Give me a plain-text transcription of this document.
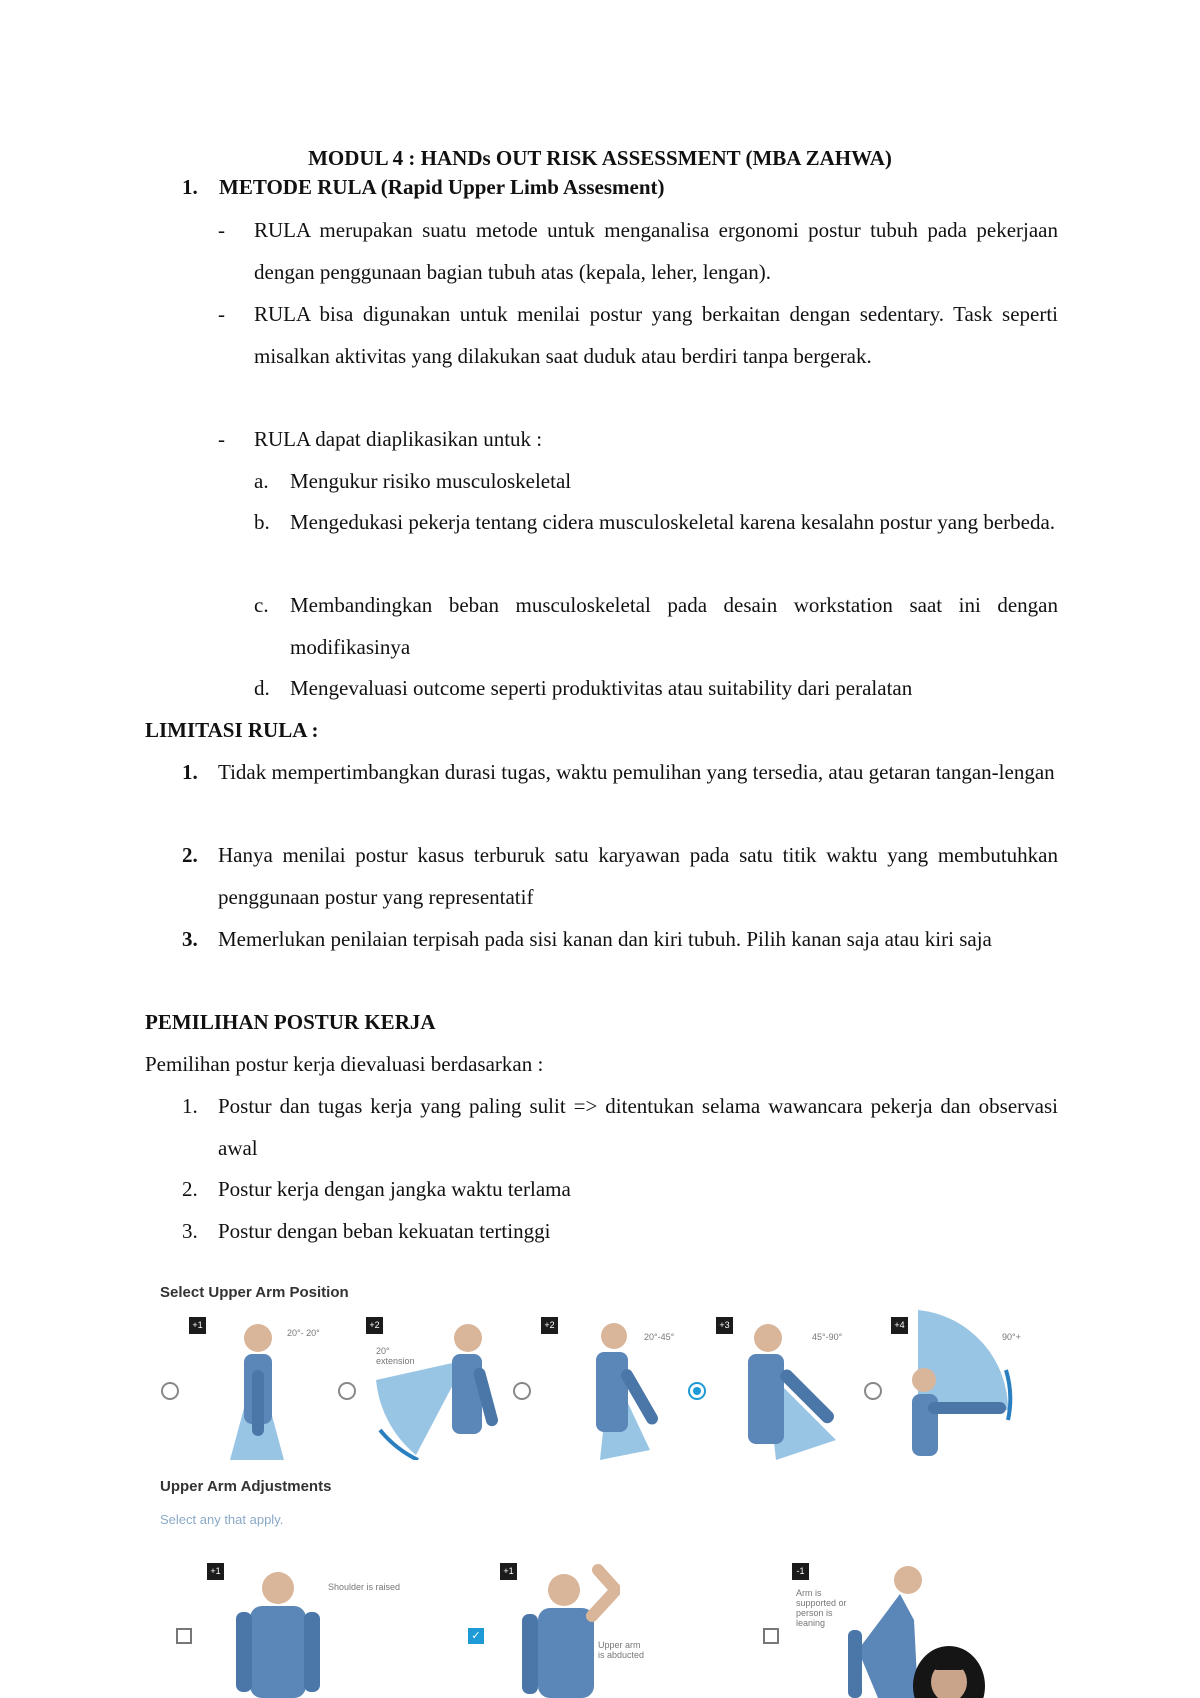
MODUL 4 : HANDs OUT RISK ASSESSMENT (MBA ZAHWA)
1.	METODE RULA (Rapid Upper Limb Assesment)
-	RULA merupakan suatu metode untuk menganalisa ergonomi postur tubuh pada pekerjaan dengan penggunaan bagian tubuh atas (kepala, leher, lengan).
-	RULA bisa digunakan untuk menilai postur yang berkaitan dengan sedentary. Task seperti misalkan aktivitas yang dilakukan saat duduk atau berdiri tanpa bergerak.
-	RULA dapat diaplikasikan untuk :
a.	Mengukur risiko musculoskeletal
b. Mengedukasi pekerja tentang cidera musculoskeletal karena kesalahn postur yang berbeda.
c.	Membandingkan beban musculoskeletal pada desain workstation saat ini dengan modifikasinya
d. Mengevaluasi outcome seperti produktivitas atau suitability dari peralatan
LIMITASI RULA :
1. Tidak mempertimbangkan durasi tugas, waktu pemulihan yang tersedia, atau getaran tangan-lengan
2. Hanya menilai postur kasus terburuk satu karyawan pada satu titik waktu yang membutuhkan penggunaan postur yang representatif
3. Memerlukan penilaian terpisah pada sisi kanan dan kiri tubuh. Pilih kanan saja atau kiri saja
PEMILIHAN POSTUR KERJA
Pemilihan postur kerja dievaluasi berdasarkan :
1. Postur dan tugas kerja yang paling sulit => ditentukan selama wawancara pekerja dan observasi awal
2. Postur kerja dengan jangka waktu terlama
3. Postur dengan beban kekuatan tertinggi
Select Upper Arm Position
+1
20°- 20°
+2
20° extension
+2
20°-45°
+3
45°-90°
+4
90°+
Upper Arm Adjustments
Select any that apply.
+1
Shoulder is raised
+1
Upper arm is abducted
✓
-1
Arm is supported or person is leaning
